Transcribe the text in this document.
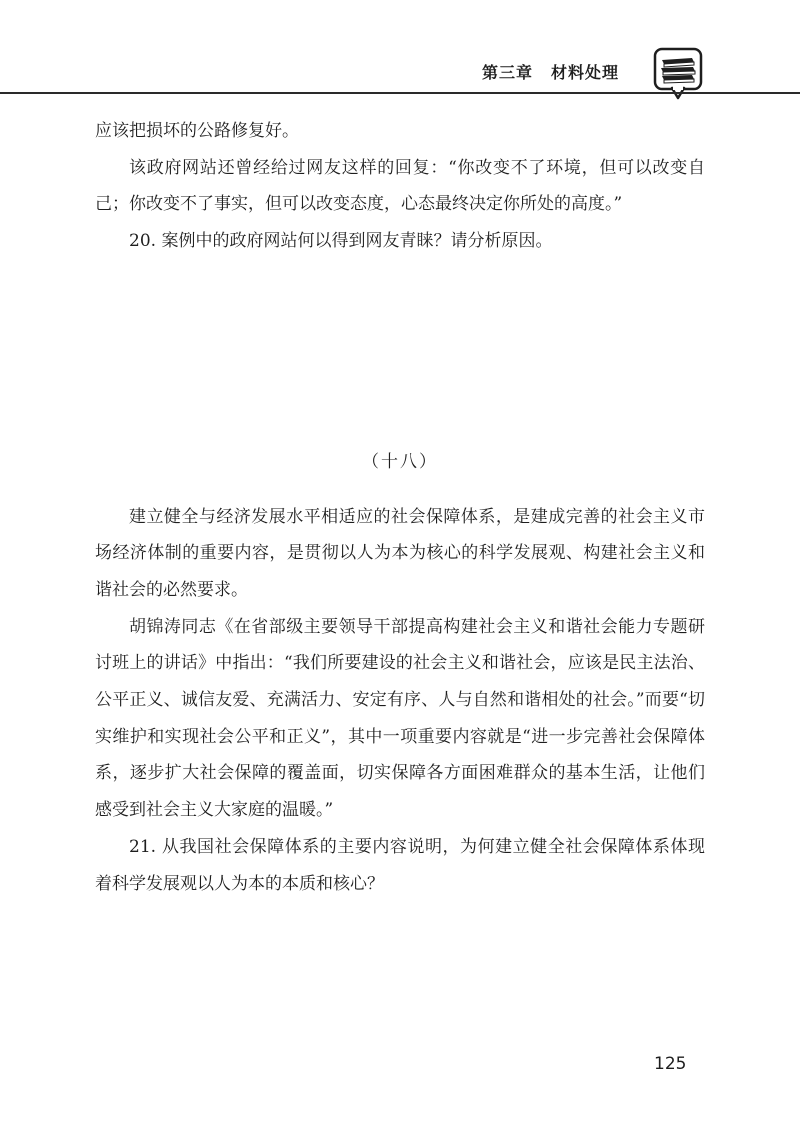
第三章 材料处理

应该把损坏的公路修复好。

该政府网站还曾经给过网友这样的回复：“你改变不了环境，但可以改变自己；你改变不了事实，但可以改变态度，心态最终决定你所处的高度。”

20. 案例中的政府网站何以得到网友青睐？请分析原因。

（十八）

建立健全与经济发展水平相适应的社会保障体系，是建成完善的社会主义市场经济体制的重要内容，是贯彻以人为本为核心的科学发展观、构建社会主义和谐社会的必然要求。

胡锦涛同志《在省部级主要领导干部提高构建社会主义和谐社会能力专题研讨班上的讲话》中指出：“我们所要建设的社会主义和谐社会，应该是民主法治、公平正义、诚信友爱、充满活力、安定有序、人与自然和谐相处的社会。”而要“切实维护和实现社会公平和正义”，其中一项重要内容就是“进一步完善社会保障体系，逐步扩大社会保障的覆盖面，切实保障各方面困难群众的基本生活，让他们感受到社会主义大家庭的温暖。”

21. 从我国社会保障体系的主要内容说明，为何建立健全社会保障体系体现着科学发展观以人为本的本质和核心？

125
